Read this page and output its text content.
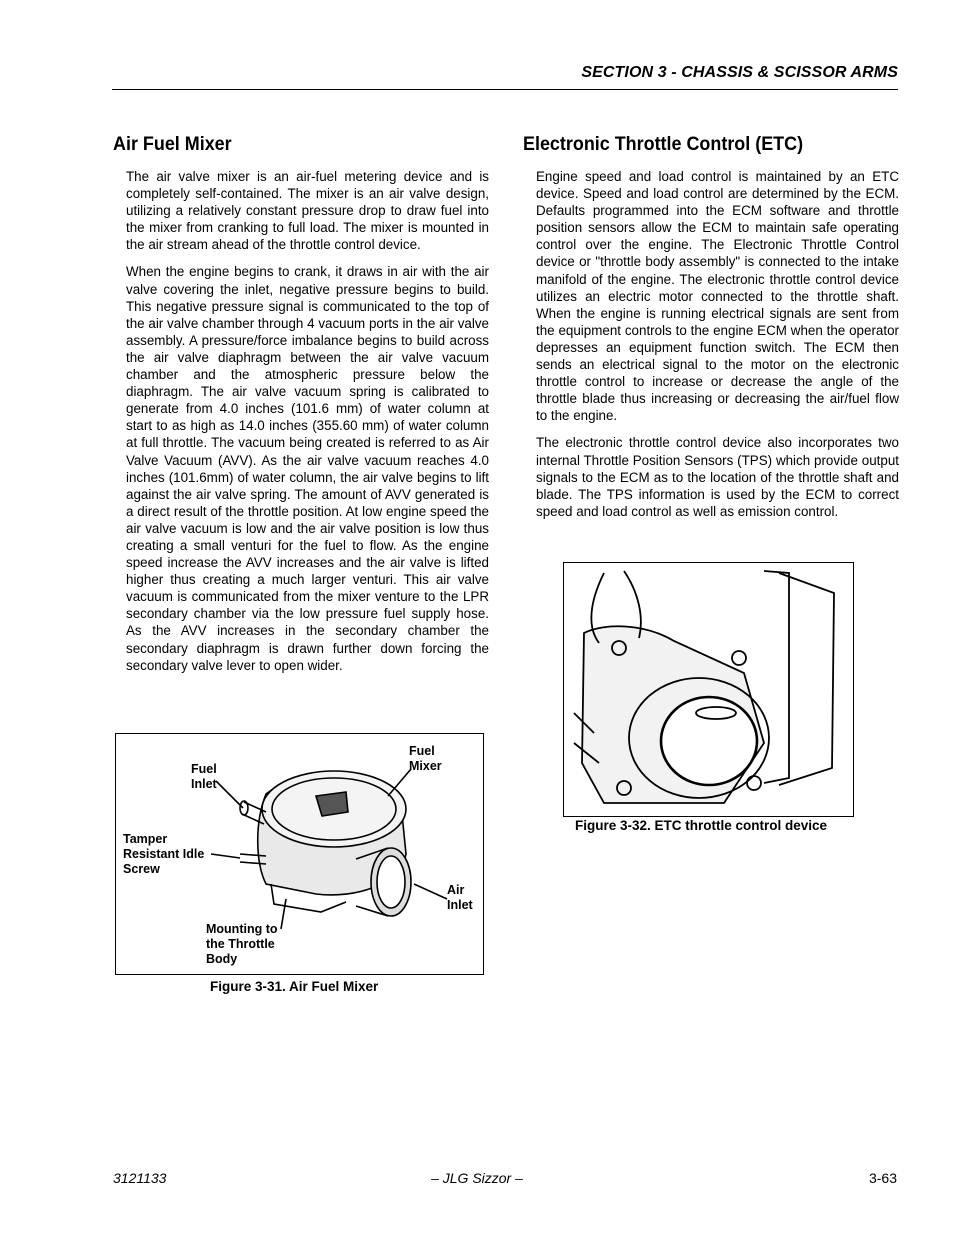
SECTION 3 - CHASSIS & SCISSOR ARMS
Air Fuel Mixer

The air valve mixer is an air-fuel metering device and is completely self-contained. The mixer is an air valve design, utilizing a relatively constant pressure drop to draw fuel into the mixer from cranking to full load. The mixer is mounted in the air stream ahead of the throttle control device.

When the engine begins to crank, it draws in air with the air valve covering the inlet, negative pressure begins to build. This negative pressure signal is communicated to the top of the air valve chamber through 4 vacuum ports in the air valve assembly. A pressure/force imbalance begins to build across the air valve diaphragm between the air valve vacuum chamber and the atmospheric pressure below the diaphragm. The air valve vacuum spring is calibrated to generate from 4.0 inches (101.6 mm) of water column at start to as high as 14.0 inches (355.60 mm) of water column at full throttle. The vacuum being created is referred to as Air Valve Vacuum (AVV). As the air valve vacuum reaches 4.0 inches (101.6mm) of water column, the air valve begins to lift against the air valve spring. The amount of AVV generated is a direct result of the throttle position. At low engine speed the air valve vacuum is low and the air valve position is low thus creating a small venturi for the fuel to flow. As the engine speed increase the AVV increases and the air valve is lifted higher thus creating a much larger venturi. This air valve vacuum is communicated from the mixer venture to the LPR secondary chamber via the low pressure fuel supply hose. As the AVV increases in the secondary chamber the secondary diaphragm is drawn further down forcing the secondary valve lever to open wider.

Electronic Throttle Control (ETC)

Engine speed and load control is maintained by an ETC device. Speed and load control are determined by the ECM. Defaults programmed into the ECM software and throttle position sensors allow the ECM to maintain safe operating control over the engine. The Electronic Throttle Control device or "throttle body assembly" is connected to the intake manifold of the engine. The electronic throttle control device utilizes an electric motor connected to the throttle shaft. When the engine is running electrical signals are sent from the equipment controls to the engine ECM when the operator depresses an equipment function switch. The ECM then sends an electrical signal to the motor on the electronic throttle control to increase or decrease the angle of the throttle blade thus increasing or decreasing the air/fuel flow to the engine.

The electronic throttle control device also incorporates two internal Throttle Position Sensors (TPS) which provide output signals to the ECM as to the location of the throttle shaft and blade. The TPS information is used by the ECM to correct speed and load control as well as emission control.

Fuel
Inlet
Fuel
Mixer
Tamper
Resistant Idle
Screw
Air
Inlet
Mounting to
the Throttle
Body
Figure 3-31. Air Fuel Mixer
Figure 3-32. ETC throttle control device
3121133	– JLG Sizzor –	3-63
